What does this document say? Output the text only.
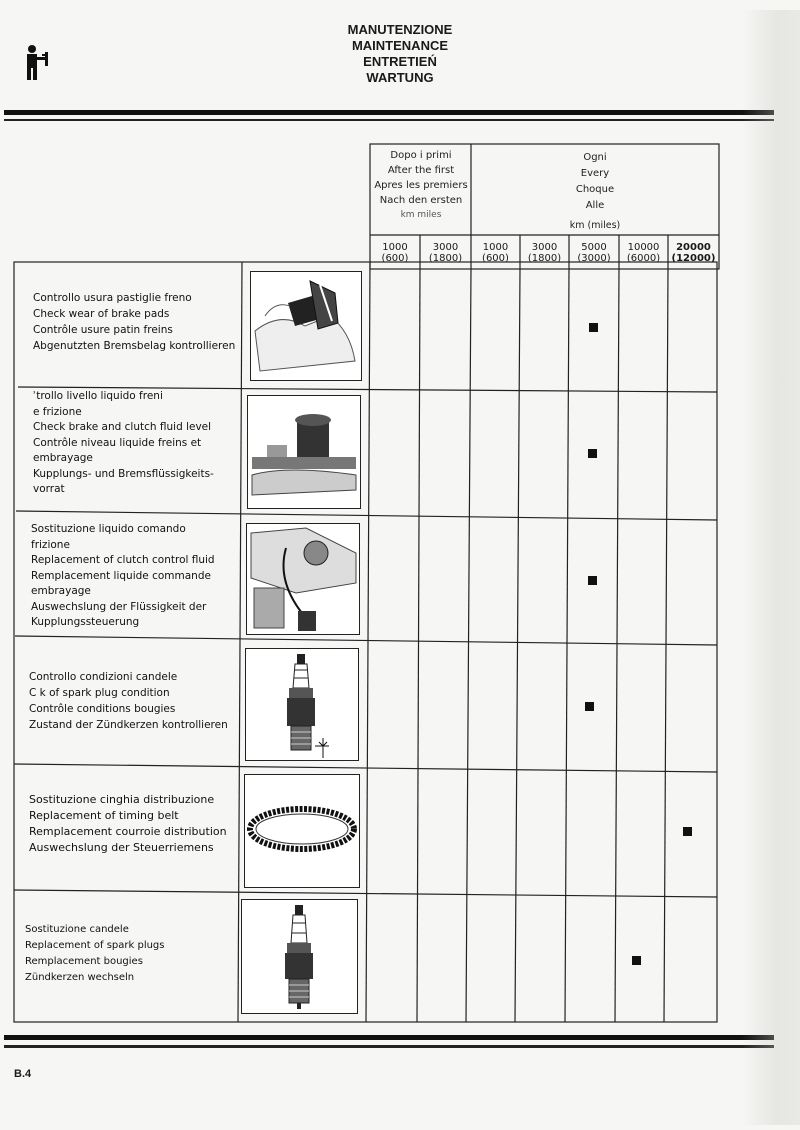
MANUTENZIONE
MAINTENANCE
ENTRETIEŃ
WARTUNG
Dopo i primi
After the first
Apres les premiers
Nach den ersten
km miles
Ogni
Every
Choque
Alle
km (miles)
1000
(600)
3000
(1800)
1000
(600)
3000
(1800)
5000
(3000)
10000
(6000)
20000
(12000)
Controllo usura pastiglie freno
Check wear of brake pads
Contrôle usure patin freins
Abgenutzten Bremsbelag kontrollieren
ʾtrollo livello liquido freni
e frizione
Check brake and clutch fluid level
Contrôle niveau liquide freins et
embrayage
Kupplungs- und Bremsflüssigkeits-
vorrat
Sostituzione liquido comando
frizione
Replacement of clutch control fluid
Remplacement liquide commande
embrayage
Auswechslung der Flüssigkeit der
Kupplungssteuerung
Controllo condizioni candele
C k of spark plug condition
Contrôle conditions bougies
Zustand der Zündkerzen kontrollieren
Sostituzione cinghia distribuzione
Replacement of timing belt
Remplacement courroie distribution
Auswechslung der Steuerriemens
Sostituzione candele
Replacement of spark plugs
Remplacement bougies
Zündkerzen wechseln
B.4
